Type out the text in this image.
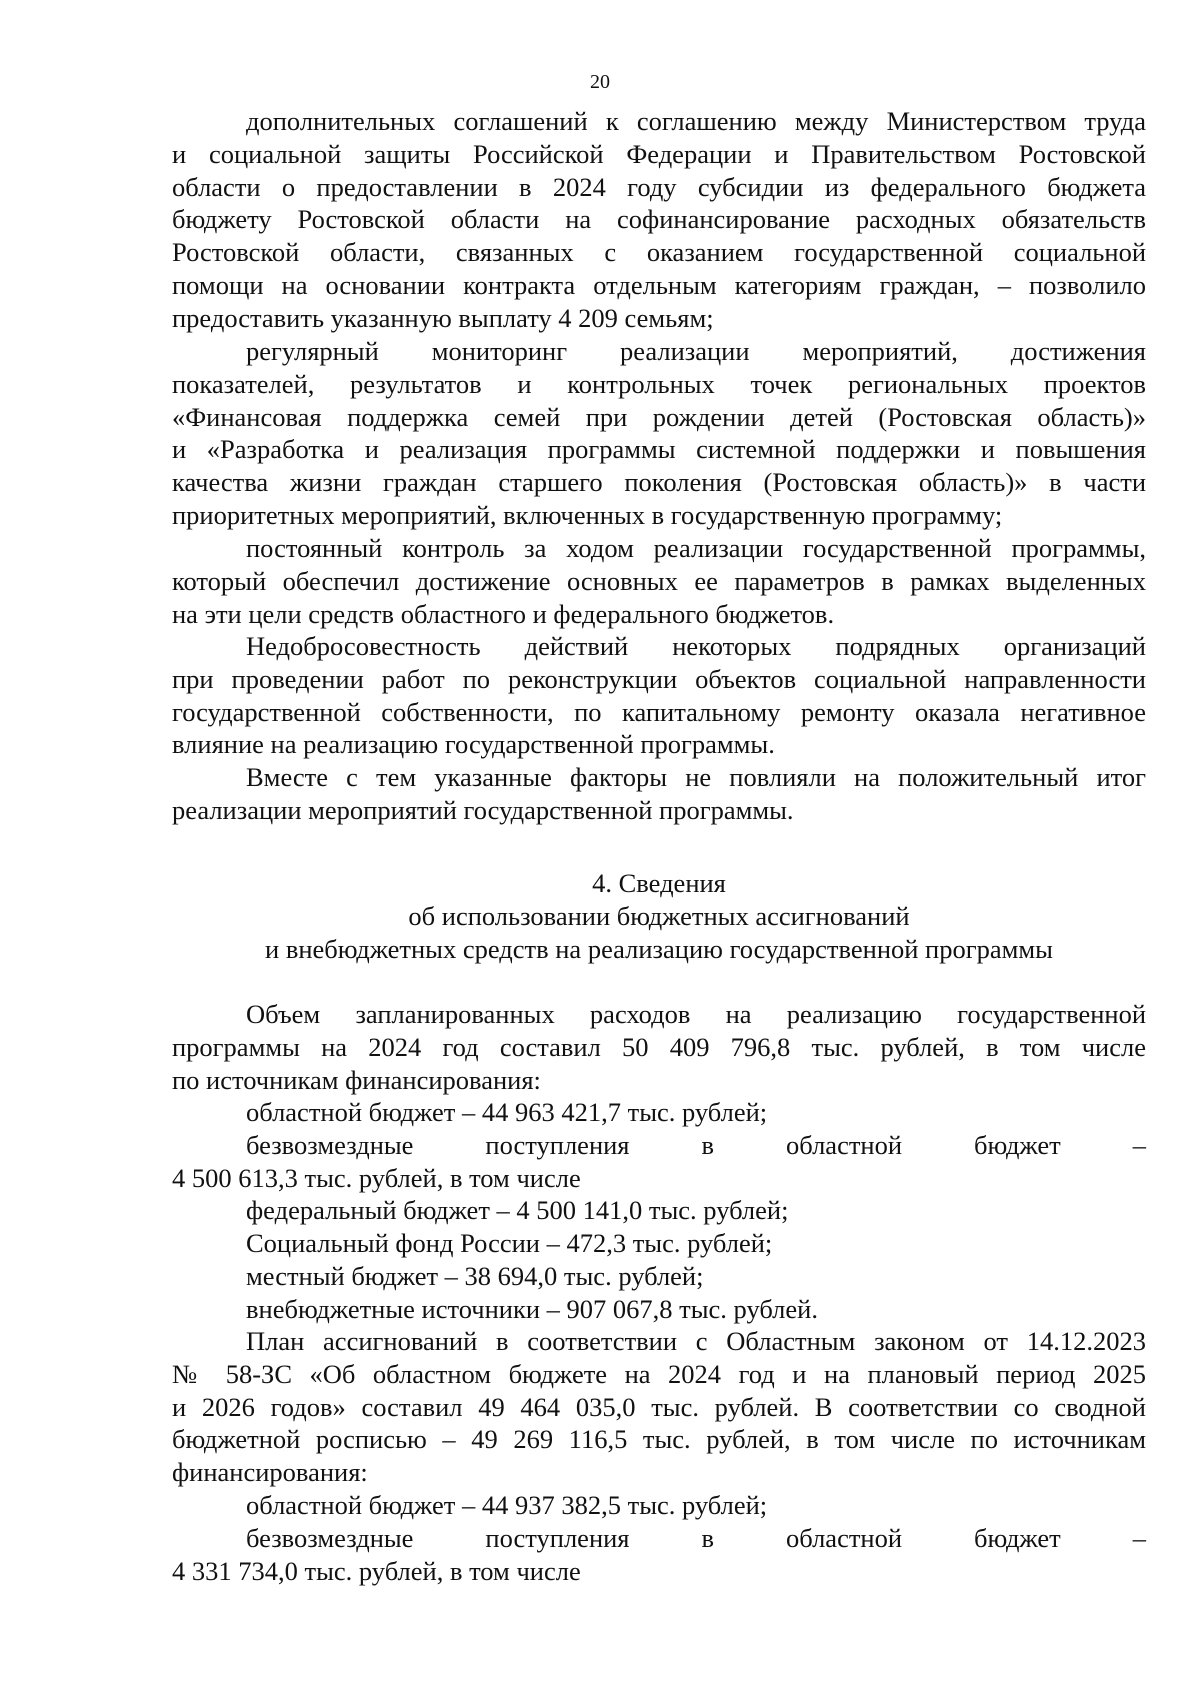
20
дополнительных соглашений к соглашению между Министерством труда
и социальной защиты Российской Федерации и Правительством Ростовской
области о предоставлении в 2024 году субсидии из федерального бюджета
бюджету Ростовской области на софинансирование расходных обязательств
Ростовской области, связанных с оказанием государственной социальной
помощи на основании контракта отдельным категориям граждан, – позволило
предоставить указанную выплату 4 209 семьям;
регулярный мониторинг реализации мероприятий, достижения
показателей, результатов и контрольных точек региональных проектов
«Финансовая поддержка семей при рождении детей (Ростовская область)»
и «Разработка и реализация программы системной поддержки и повышения
качества жизни граждан старшего поколения (Ростовская область)» в части
приоритетных мероприятий, включенных в государственную программу;
постоянный контроль за ходом реализации государственной программы,
который обеспечил достижение основных ее параметров в рамках выделенных
на эти цели средств областного и федерального бюджетов.
Недобросовестность действий некоторых подрядных организаций
при проведении работ по реконструкции объектов социальной направленности
государственной собственности, по капитальному ремонту оказала негативное
влияние на реализацию государственной программы.
Вместе с тем указанные факторы не повлияли на положительный итог
реализации мероприятий государственной программы.
4. Сведения
об использовании бюджетных ассигнований
и внебюджетных средств на реализацию государственной программы
Объем запланированных расходов на реализацию государственной
программы на 2024 год составил 50 409 796,8 тыс. рублей, в том числе
по источникам финансирования:
областной бюджет – 44 963 421,7 тыс. рублей;
безвозмездные поступления в областной бюджет –
4 500 613,3 тыс. рублей, в том числе
федеральный бюджет – 4 500 141,0 тыс. рублей;
Социальный фонд России – 472,3 тыс. рублей;
местный бюджет – 38 694,0 тыс. рублей;
внебюджетные источники – 907 067,8 тыс. рублей.
План ассигнований в соответствии с Областным законом от 14.12.2023
№ 58-ЗС «Об областном бюджете на 2024 год и на плановый период 2025
и 2026 годов» составил 49 464 035,0 тыс. рублей. В соответствии со сводной
бюджетной росписью – 49 269 116,5 тыс. рублей, в том числе по источникам
финансирования:
областной бюджет – 44 937 382,5 тыс. рублей;
безвозмездные поступления в областной бюджет –
4 331 734,0 тыс. рублей, в том числе
